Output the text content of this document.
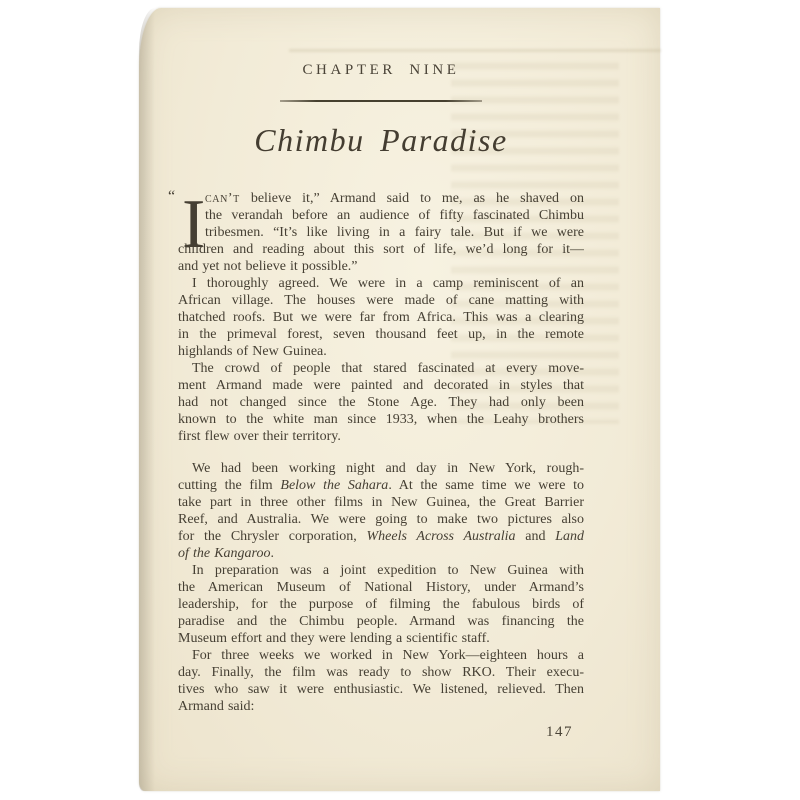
CHAPTER NINE
Chimbu Paradise
“ I can’t believe it,” Armand said to me, as he shaved on
the verandah before an audience of fifty fascinated Chimbu
tribesmen. “It’s like living in a fairy tale. But if we were
children and reading about this sort of life, we’d long for it—
and yet not believe it possible.”
I thoroughly agreed. We were in a camp reminiscent of an
African village. The houses were made of cane matting with
thatched roofs. But we were far from Africa. This was a clearing
in the primeval forest, seven thousand feet up, in the remote
highlands of New Guinea.
The crowd of people that stared fascinated at every move-
ment Armand made were painted and decorated in styles that
had not changed since the Stone Age. They had only been
known to the white man since 1933, when the Leahy brothers
first flew over their territory.
We had been working night and day in New York, rough-
cutting the film Below the Sahara. At the same time we were to
take part in three other films in New Guinea, the Great Barrier
Reef, and Australia. We were going to make two pictures also
for the Chrysler corporation, Wheels Across Australia and Land
of the Kangaroo.
In preparation was a joint expedition to New Guinea with
the American Museum of National History, under Armand’s
leadership, for the purpose of filming the fabulous birds of
paradise and the Chimbu people. Armand was financing the
Museum effort and they were lending a scientific staff.
For three weeks we worked in New York—eighteen hours a
day. Finally, the film was ready to show RKO. Their execu-
tives who saw it were enthusiastic. We listened, relieved. Then
Armand said:
147
